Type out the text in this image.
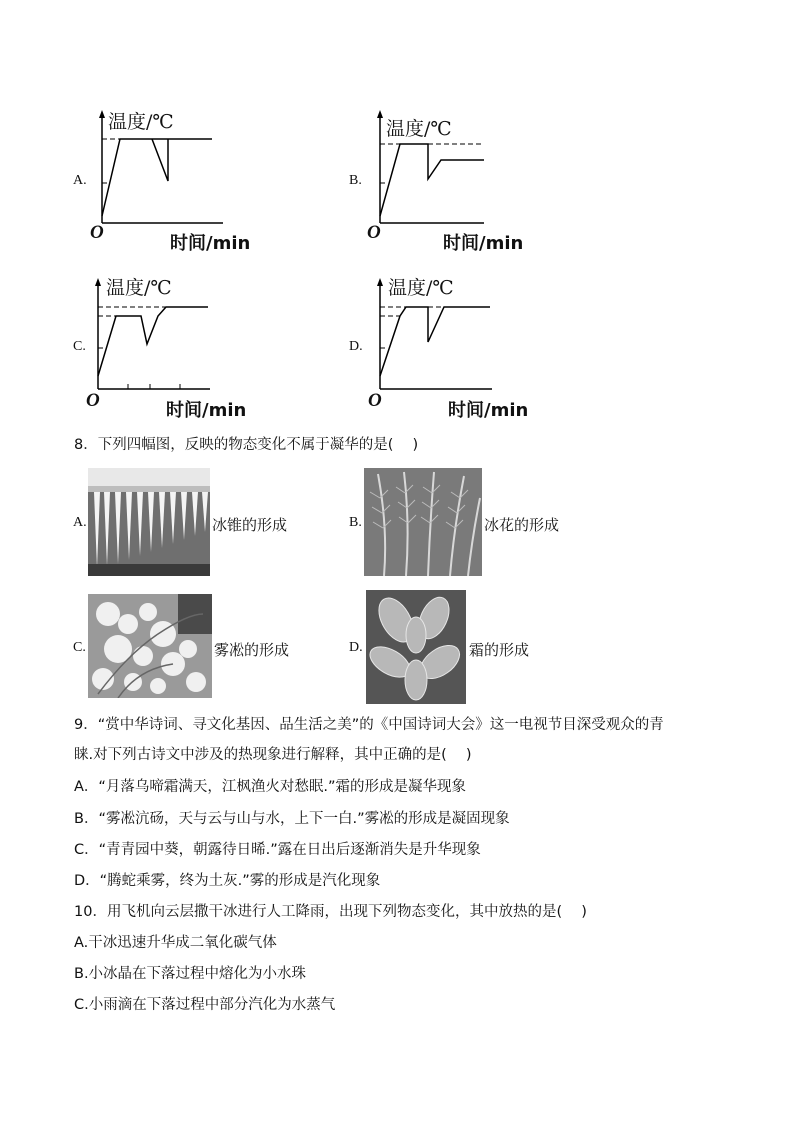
A.
温度/℃
O
时间/min
B.
温度/℃
O
时间/min
C.
温度/℃
O	时间/min
D.
温度/℃
O	时间/min
8．下列四幅图，反映的物态变化不属于凝华的是(　 )
A.	冰锥的形成	B.	冰花的形成
C.	雾凇的形成	D.	霜的形成
9．“赏中华诗词、寻文化基因、品生活之美”的《中国诗词大会》这一电视节目深受观众的青
睐.对下列古诗文中涉及的热现象进行解释，其中正确的是(　 )
A．“月落乌啼霜满天，江枫渔火对愁眠.”霜的形成是凝华现象
B．“雾凇沆砀，天与云与山与水，上下一白.”雾凇的形成是凝固现象
C．“青青园中葵，朝露待日晞.”露在日出后逐渐消失是升华现象
D．“腾蛇乘雾，终为土灰.”雾的形成是汽化现象
10．用飞机向云层撒干冰进行人工降雨，出现下列物态变化，其中放热的是(　 )
A.干冰迅速升华成二氧化碳气体
B.小冰晶在下落过程中熔化为小水珠
C.小雨滴在下落过程中部分汽化为水蒸气
